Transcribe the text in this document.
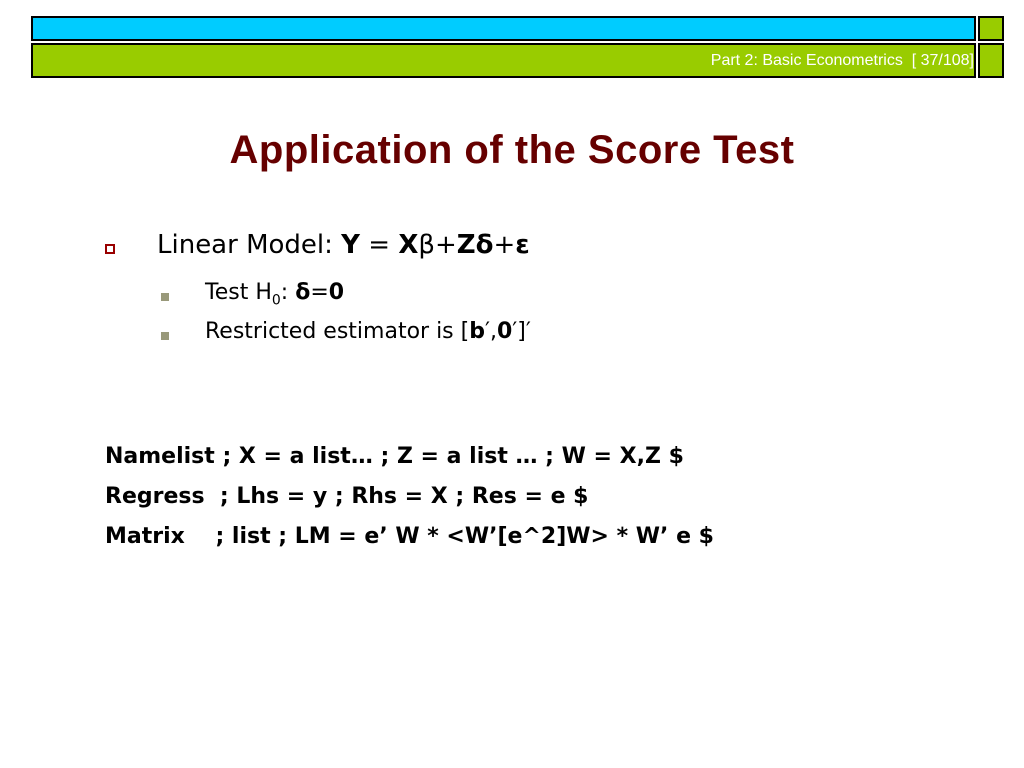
Part 2: Basic Econometrics  [ 37/108]
Application of the Score Test
Linear Model: Y = Xβ+Zδ+ε
Test $H_0$: δ=0
Restricted estimator is [b′,0′]′
Namelist ; X = a list… ; Z = a list … ; W = X,Z $
Regress  ; Lhs = y ; Rhs = X ; Res = e $
Matrix    ; list ; LM = e’ W * <W’[e^2]W> * W’ e $
